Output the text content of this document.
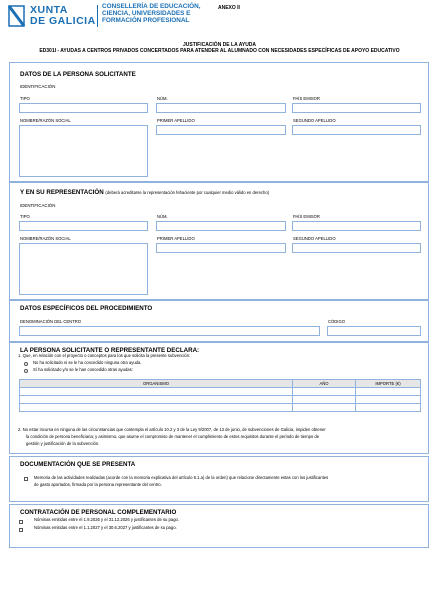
XUNTA
DE GALICIA
CONSELLERÍA DE EDUCACIÓN,
CIENCIA, UNIVERSIDADES E
FORMACIÓN PROFESIONAL
ANEXO II
JUSTIFICACIÓN DE LA AYUDA
ED301I - AYUDAS A CENTROS PRIVADOS CONCERTADOS PARA ATENDER AL ALUMNADO CON NECESIDADES ESPECÍFICAS DE APOYO EDUCATIVO
DATOS DE LA PERSONA SOLICITANTE
IDENTIFICACIÓN
TIPO	NÚM.	PAÍS EMISOR
NOMBRE/RAZÓN SOCIAL	PRIMER APELLIDO	SEGUNDO APELLIDO
Y EN SU REPRESENTACIÓN (deberá acreditarse la representación fehaciente por cualquier medio válido en derecho)
IDENTIFICACIÓN
TIPO	NÚM.	PAÍS EMISOR
NOMBRE/RAZÓN SOCIAL	PRIMER APELLIDO	SEGUNDO APELLIDO
DATOS ESPECÍFICOS DEL PROCEDIMIENTO
DENOMINACIÓN DEL CENTRO	CÓDIGO
LA PERSONA SOLICITANTE O REPRESENTANTE DECLARA:
1. Que, en relación con el proyecto o conceptos para los que solicita la presente subvención:
No ha solicitado ni se le ha concedido ninguna otra ayuda.
Sí ha solicitado y/o se le han concedido otras ayudas:
ORGANISMO	AÑO	IMPORTE (€)

2. No estar incursa en ninguna de las circunstancias que contempla el artículo 10.2 y 3 de la Ley 9/2007, de 13 de junio, de subvenciones de Galicia, impiden obtener
la condición de persona beneficiaria; y asimismo, que asume el compromiso de mantener el cumplimiento de estos requisitos durante el período de tiempo de
gestión y justificación de la subvención.
DOCUMENTACIÓN QUE SE PRESENTA
Memoria de las actividades realizadas (acorde con la memoria explicativa del artículo 6.1.a) de la orden) que relacione directamente estas con los justificantes
de gasto aportados, firmada por la persona representante del centro.
CONTRATACIÓN DE PERSONAL COMPLEMENTARIO
Nóminas emitidas entre el 1.9.2026 y el 31.12.2026 y justificantes de su pago.
Nóminas emitidas entre el 1.1.2027 y el 30.6.2027 y justificantes de su pago.
